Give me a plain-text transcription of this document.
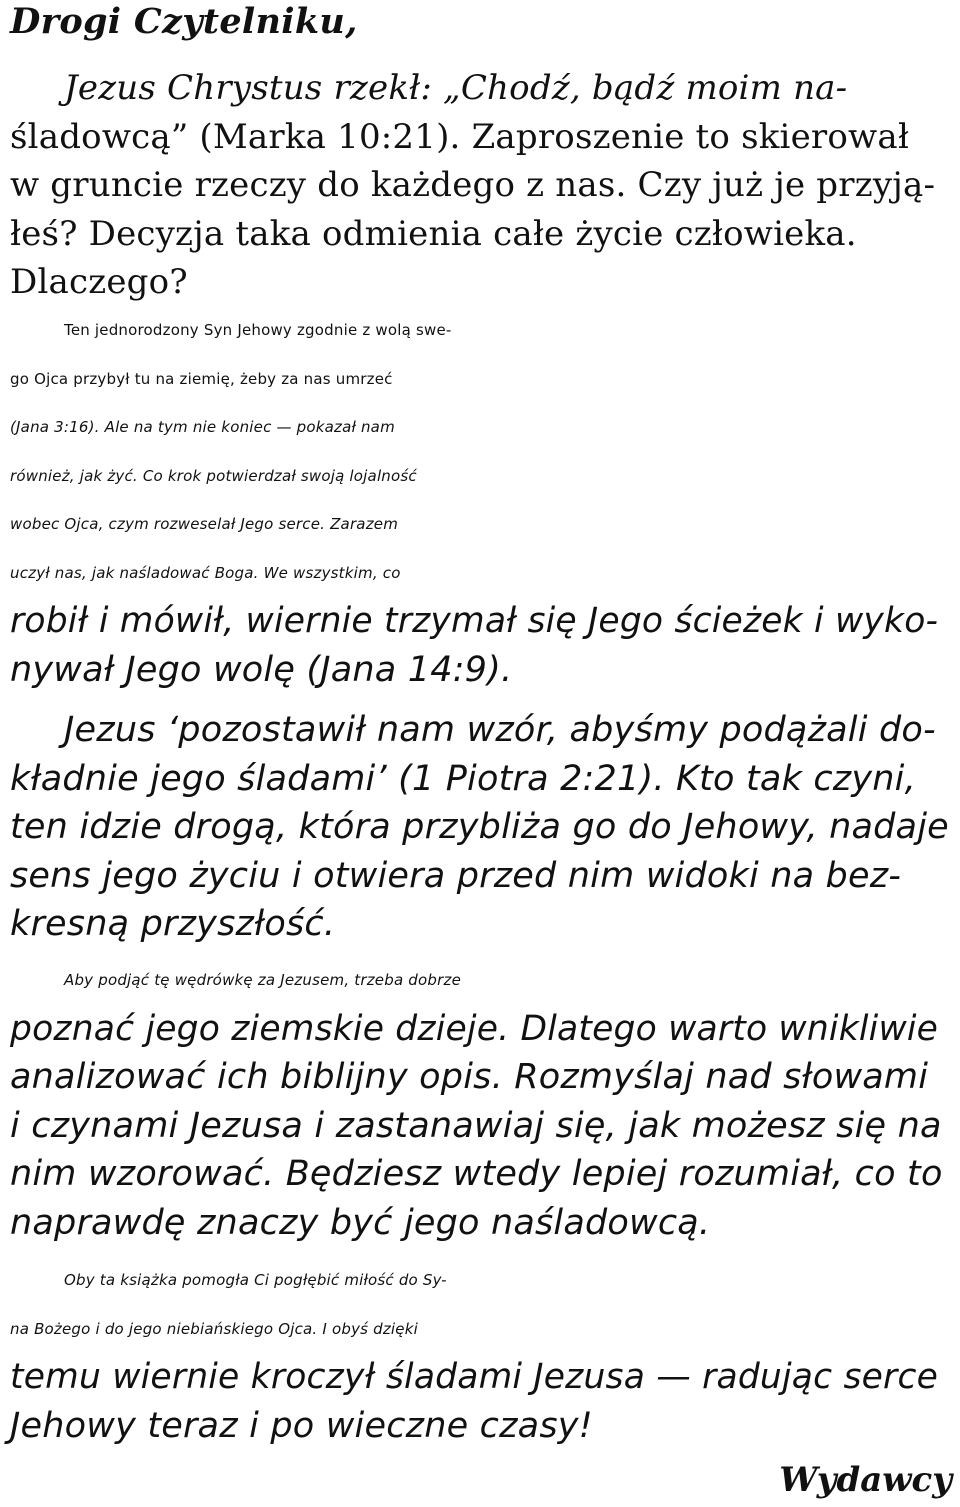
Drogi Czytelniku,
Jezus Chrystus rzekł: „Chodź, bądź moim na-
śladowcą” (Marka 10:21). Zaproszenie to skierował
w gruncie rzeczy do każdego z nas. Czy już je przyją-
łeś? Decyzja taka odmienia całe życie człowieka.
Dlaczego?
Ten jednorodzony Syn Jehowy zgodnie z wolą swe-
go Ojca przybył tu na ziemię, żeby za nas umrzeć
(Jana 3:16). Ale na tym nie koniec — pokazał nam
również, jak żyć. Co krok potwierdzał swoją lojalność
wobec Ojca, czym rozweselał Jego serce. Zarazem
uczył nas, jak naśladować Boga. We wszystkim, co
robił i mówił, wiernie trzymał się Jego ścieżek i wyko-
nywał Jego wolę (Jana 14:9).
Jezus ‘pozostawił nam wzór, abyśmy podążali do-
kładnie jego śladami’ (1 Piotra 2:21). Kto tak czyni,
ten idzie drogą, która przybliża go do Jehowy, nadaje
sens jego życiu i otwiera przed nim widoki na bez-
kresną przyszłość.
Aby podjąć tę wędrówkę za Jezusem, trzeba dobrze
poznać jego ziemskie dzieje. Dlatego warto wnikliwie
analizować ich biblijny opis. Rozmyślaj nad słowami
i czynami Jezusa i zastanawiaj się, jak możesz się na
nim wzorować. Będziesz wtedy lepiej rozumiał, co to
naprawdę znaczy być jego naśladowcą.
Oby ta książka pomogła Ci pogłębić miłość do Sy-
na Bożego i do jego niebiańskiego Ojca. I obyś dzięki
temu wiernie kroczył śladami Jezusa — radując serce
Jehowy teraz i po wieczne czasy!
Wydawcy
